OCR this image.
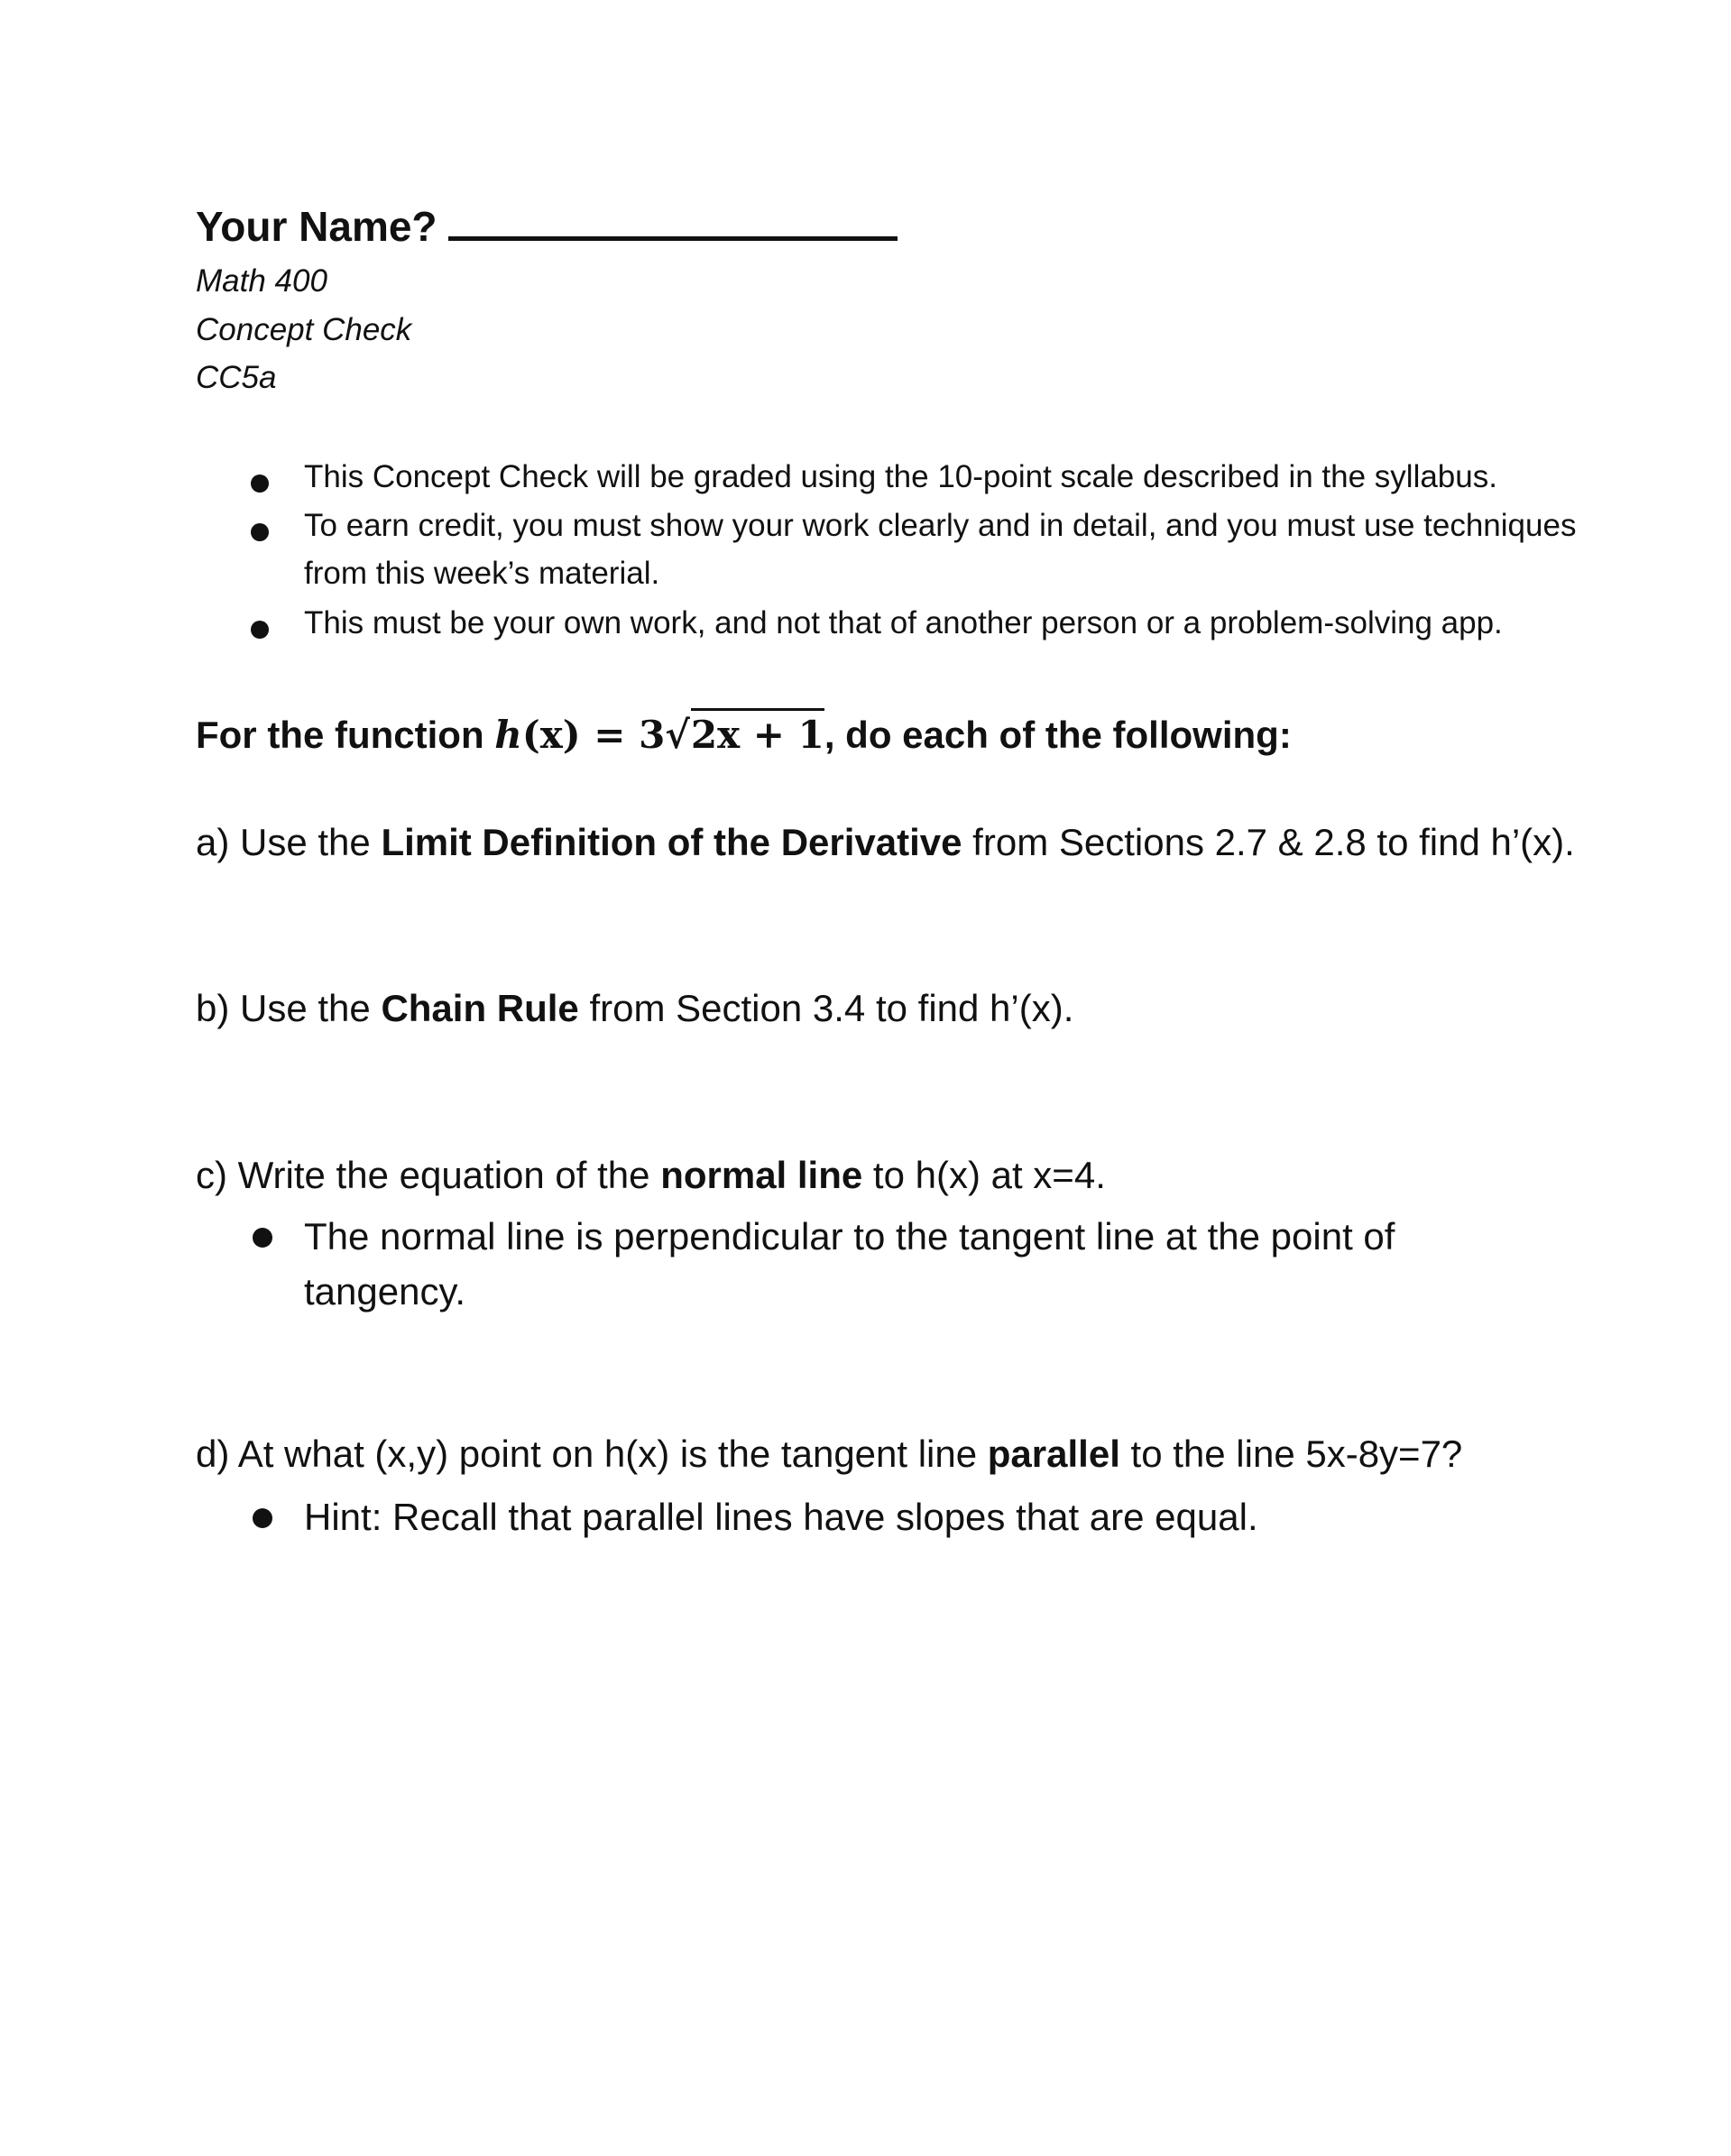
Your Name?
Math 400
Concept Check
CC5a
This Concept Check will be graded using the 10-point scale described in the syllabus.
To earn credit, you must show your work clearly and in detail, and you must use techniques from this week’s material.
This must be your own work, and not that of another person or a problem-solving app.
For the function h(x) = 3√2x + 1, do each of the following:
a) Use the Limit Definition of the Derivative from Sections 2.7 & 2.8 to find h’(x).
b) Use the Chain Rule from Section 3.4 to find h’(x).
c) Write the equation of the normal line to h(x) at x=4.
The normal line is perpendicular to the tangent line at the point of tangency.
d) At what (x,y) point on h(x) is the tangent line parallel to the line 5x-8y=7?
Hint: Recall that parallel lines have slopes that are equal.
